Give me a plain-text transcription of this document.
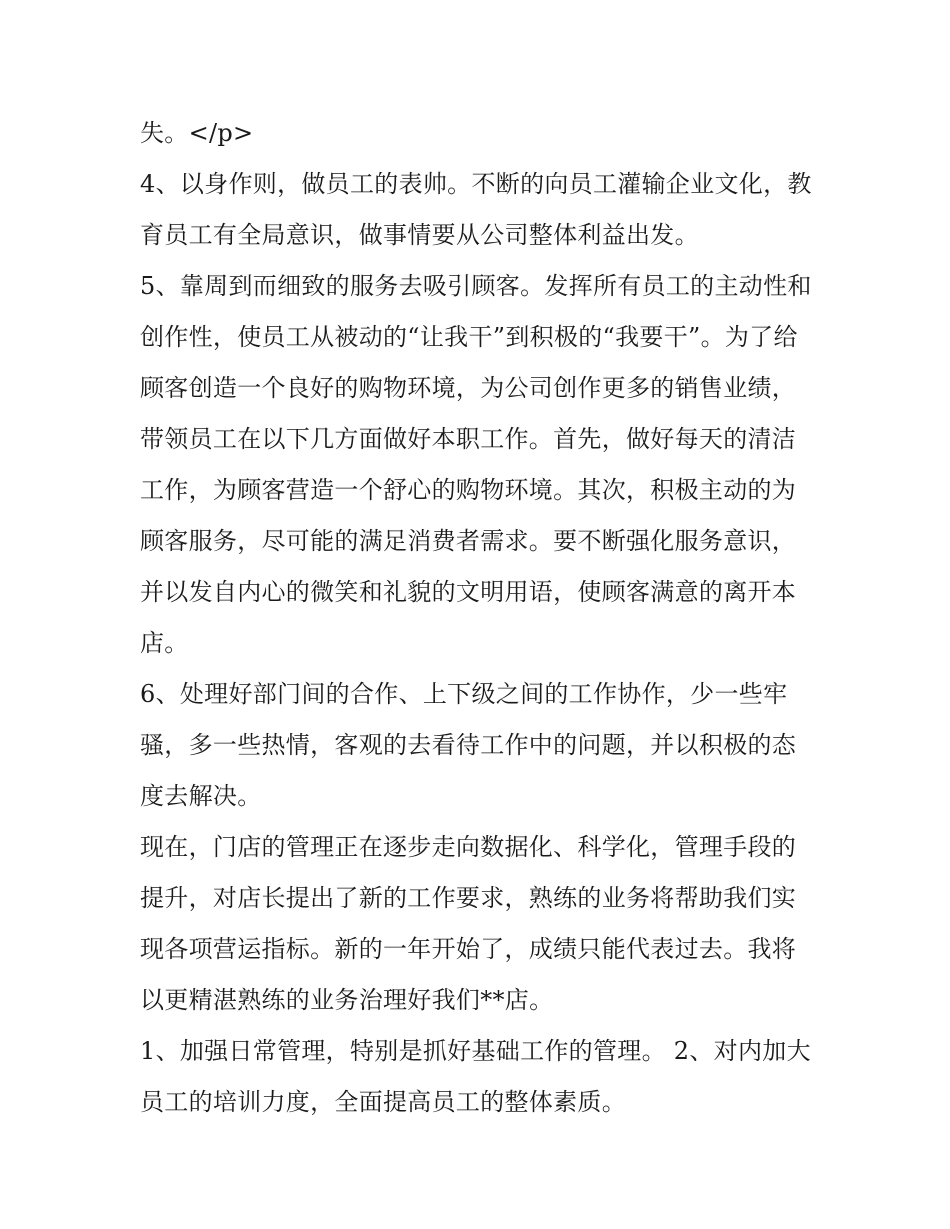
失。</p>

4、以身作则，做员工的表帅。不断的向员工灌输企业文化，教育员工有全局意识，做事情要从公司整体利益出发。

5、靠周到而细致的服务去吸引顾客。发挥所有员工的主动性和创作性，使员工从被动的“让我干”到积极的“我要干”。为了给顾客创造一个良好的购物环境，为公司创作更多的销售业绩，带领员工在以下几方面做好本职工作。首先，做好每天的清洁工作，为顾客营造一个舒心的购物环境。其次，积极主动的为顾客服务，尽可能的满足消费者需求。要不断强化服务意识，并以发自内心的微笑和礼貌的文明用语，使顾客满意的离开本店。

6、处理好部门间的合作、上下级之间的工作协作，少一些牢骚，多一些热情，客观的去看待工作中的问题，并以积极的态度去解决。

现在，门店的管理正在逐步走向数据化、科学化，管理手段的提升，对店长提出了新的工作要求，熟练的业务将帮助我们实现各项营运指标。新的一年开始了，成绩只能代表过去。我将以更精湛熟练的业务治理好我们**店。

1、加强日常管理，特别是抓好基础工作的管理。 2、对内加大员工的培训力度，全面提高员工的整体素质。
